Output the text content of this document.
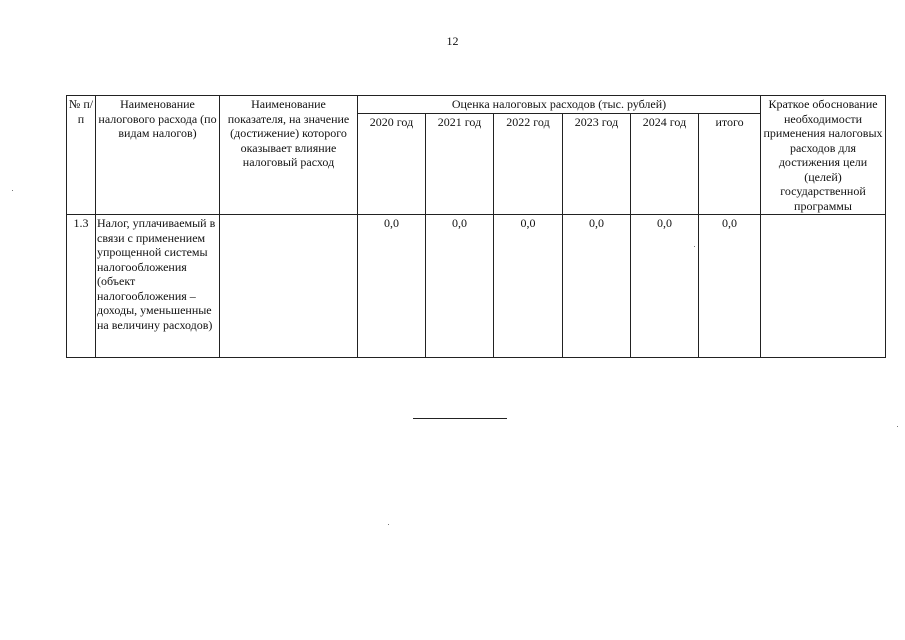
12
№ п/п	Наименование налогового расхода (по видам налогов)	Наименование показателя, на значение (достижение) которого оказывает влияние налоговый расход	Оценка налоговых расходов (тыс. рублей)						Краткое обоснование необходимости применения налоговых расходов для достижения цели (целей) государственной программы
			2020 год	2021 год	2022 год	2023 год	2024 год	итого	
1.3	Налог, уплачиваемый в связи с применением упрощенной системы налогообложения (объект налогообложения – доходы, уменьшенные на величину расходов)		0,0	0,0	0,0	0,0	0,0	0,0	
